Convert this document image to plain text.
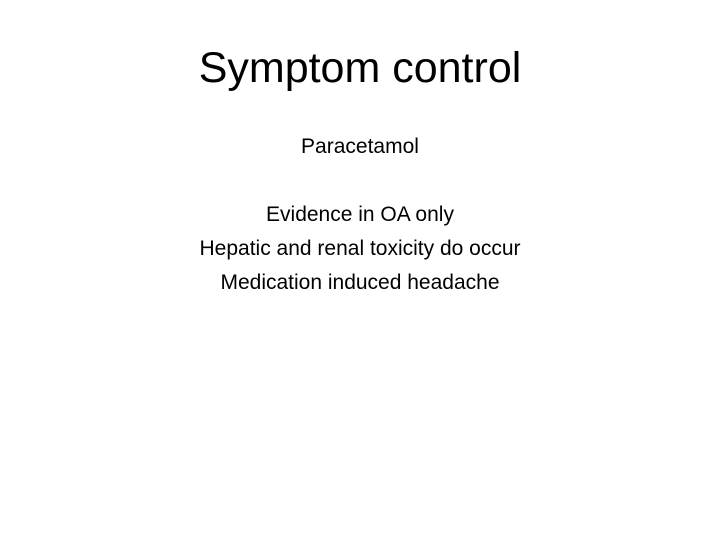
Symptom control
Paracetamol
Evidence in OA only
Hepatic and renal toxicity do occur
Medication induced headache
